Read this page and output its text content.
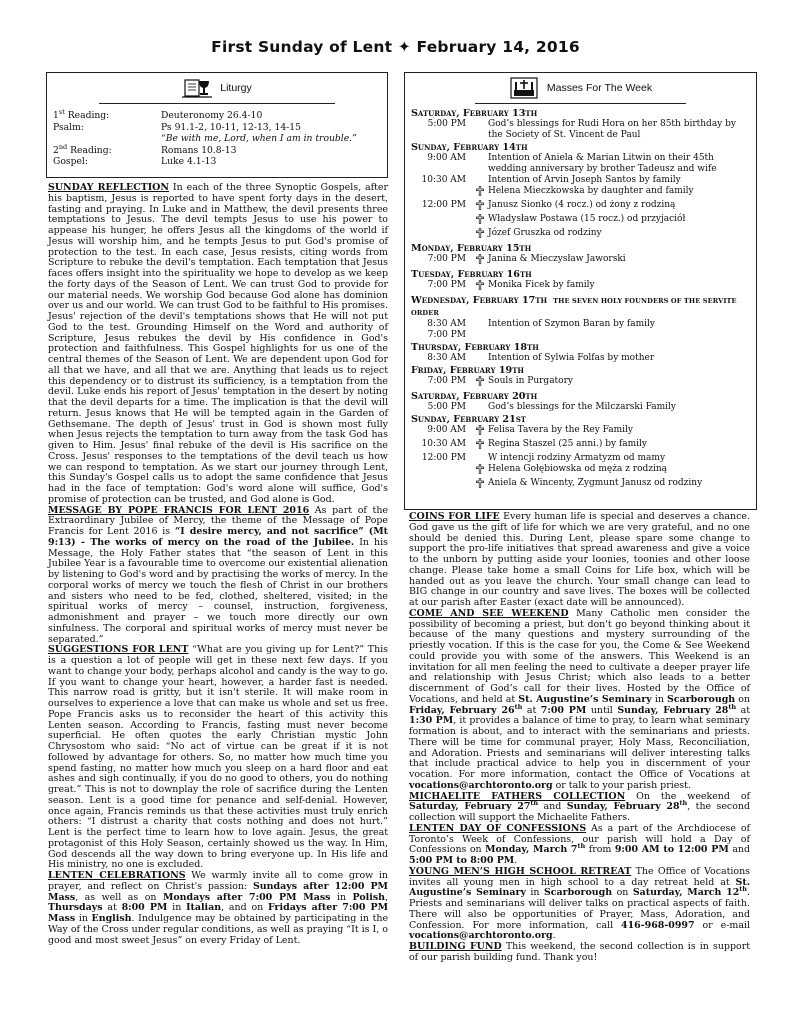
First Sunday of Lent ✦ February 14, 2016
Liturgy
1st Reading:	Deuteronomy 26.4-10
Psalm:	Ps 91.1-2, 10-11, 12-13, 14-15
“Be with me, Lord, when I am in trouble.”
2nd Reading:	Romans 10.8-13
Gospel:	Luke 4.1-13
Masses For The Week
Saturday, February 13th
5:00 PM	God’s blessings for Rudi Hora on her 85th birthday by the Society of St. Vincent de Paul
Sunday, February 14th
9:00 AM	Intention of Aniela & Marian Litwin on their 45th wedding anniversary by brother Tadeusz and wife
10:30 AM	Intention of Arvin Joseph Santos by family
Helena Mieczkowska by daughter and family
12:00 PM	Janusz Sionko (4 rocz.) od żony z rodziną
Władysław Postawa (15 rocz.) od przyjaciół
Józef Gruszka od rodziny
Monday, February 15th
7:00 PM	Janina & Mieczysław Jaworski
Tuesday, February 16th
7:00 PM	Monika Ficek by family
Wednesday, February 17th THE SEVEN HOLY FOUNDERS OF THE SERVITE ORDER
8:30 AM	Intention of Szymon Baran by family
7:00 PM
Thursday, February 18th
8:30 AM	Intention of Sylwia Folfas by mother
Friday, February 19th
7:00 PM	Souls in Purgatory
Saturday, February 20th
5:00 PM	God’s blessings for the Milczarski Family
Sunday, February 21st
9:00 AM	Felisa Tavera by the Rey Family
10:30 AM	Regina Staszel (25 anni.) by family
12:00 PM	W intencji rodziny Armatyzm od mamy
Helena Gołębiowska od męża z rodziną
Aniela & Wincenty, Zygmunt Janusz od rodziny

SUNDAY REFLECTION In each of the three Synoptic Gospels, after his baptism, Jesus is reported to have spent forty days in the desert, fasting and praying. In Luke and in Matthew, the devil presents three temptations to Jesus. The devil tempts Jesus to use his power to appease his hunger, he offers Jesus all the kingdoms of the world if Jesus will worship him, and he tempts Jesus to put God's promise of protection to the test. In each case, Jesus resists, citing words from Scripture to rebuke the devil's temptation. Each temptation that Jesus faces offers insight into the spirituality we hope to develop as we keep the forty days of the Season of Lent. We can trust God to provide for our material needs. We worship God because God alone has dominion over us and our world. We can trust God to be faithful to His promises. Jesus' rejection of the devil's temptations shows that He will not put God to the test. Grounding Himself on the Word and authority of Scripture, Jesus rebukes the devil by His confidence in God's protection and faithfulness. This Gospel highlights for us one of the central themes of the Season of Lent. We are dependent upon God for all that we have, and all that we are. Anything that leads us to reject this dependency or to distrust its sufficiency, is a temptation from the devil. Luke ends his report of Jesus' temptation in the desert by noting that the devil departs for a time. The implication is that the devil will return. Jesus knows that He will be tempted again in the Garden of Gethsemane. The depth of Jesus' trust in God is shown most fully when Jesus rejects the temptation to turn away from the task God has given to Him. Jesus' final rebuke of the devil is His sacrifice on the Cross. Jesus' responses to the temptations of the devil teach us how we can respond to temptation. As we start our journey through Lent, this Sunday's Gospel calls us to adopt the same confidence that Jesus had in the face of temptation: God's word alone will suffice, God's promise of protection can be trusted, and God alone is God.

MESSAGE BY POPE FRANCIS FOR LENT 2016 As part of the Extraordinary Jubilee of Mercy, the theme of the Message of Pope Francis for Lent 2016 is “I desire mercy, and not sacrifice” (Mt 9:13) - The works of mercy on the road of the Jubilee. In his Message, the Holy Father states that “the season of Lent in this Jubilee Year is a favourable time to overcome our existential alienation by listening to God's word and by practising the works of mercy. In the corporal works of mercy we touch the flesh of Christ in our brothers and sisters who need to be fed, clothed, sheltered, visited; in the spiritual works of mercy – counsel, instruction, forgiveness, admonishment and prayer – we touch more directly our own sinfulness. The corporal and spiritual works of mercy must never be separated.”

SUGGESTIONS FOR LENT “What are you giving up for Lent?” This is a question a lot of people will get in these next few days. If you want to change your body, perhaps alcohol and candy is the way to go. If you want to change your heart, however, a harder fast is needed. This narrow road is gritty, but it isn't sterile. It will make room in ourselves to experience a love that can make us whole and set us free. Pope Francis asks us to reconsider the heart of this activity this Lenten season. According to Francis, fasting must never become superficial. He often quotes the early Christian mystic John Chrysostom who said: “No act of virtue can be great if it is not followed by advantage for others. So, no matter how much time you spend fasting, no matter how much you sleep on a hard floor and eat ashes and sigh continually, if you do no good to others, you do nothing great.” This is not to downplay the role of sacrifice during the Lenten season. Lent is a good time for penance and self-denial. However, once again, Francis reminds us that these activities must truly enrich others: “I distrust a charity that costs nothing and does not hurt.” Lent is the perfect time to learn how to love again. Jesus, the great protagonist of this Holy Season, certainly showed us the way. In Him, God descends all the way down to bring everyone up. In His life and His ministry, no one is excluded.

LENTEN CELEBRATIONS We warmly invite all to come grow in prayer, and reflect on Christ's passion: Sundays after 12:00 PM Mass, as well as on Mondays after 7:00 PM Mass in Polish, Thursdays at 8:00 PM in Italian, and on Fridays after 7:00 PM Mass in English. Indulgence may be obtained by participating in the Way of the Cross under regular conditions, as well as praying “It is I, o good and most sweet Jesus” on every Friday of Lent.

COINS FOR LIFE Every human life is special and deserves a chance. God gave us the gift of life for which we are very grateful, and no one should be denied this. During Lent, please spare some change to support the pro-life initiatives that spread awareness and give a voice to the unborn by putting aside your loonies, toonies and other loose change. Please take home a small Coins for Life box, which will be handed out as you leave the church. Your small change can lead to BIG change in our country and save lives. The boxes will be collected at our parish after Easter (exact date will be announced).

COME AND SEE WEEKEND Many Catholic men consider the possibility of becoming a priest, but don't go beyond thinking about it because of the many questions and mystery surrounding of the priestly vocation. If this is the case for you, the Come & See Weekend could provide you with some of the answers. This Weekend is an invitation for all men feeling the need to cultivate a deeper prayer life and relationship with Jesus Christ; which also leads to a better discernment of God’s call for their lives. Hosted by the Office of Vocations, and held at St. Augustine’s Seminary in Scarborough on Friday, February 26th at 7:00 PM until Sunday, February 28th at 1:30 PM, it provides a balance of time to pray, to learn what seminary formation is about, and to interact with the seminarians and priests. There will be time for communal prayer, Holy Mass, Reconciliation, and Adoration. Priests and seminarians will deliver interesting talks that include practical advice to help you in discernment of your vocation. For more information, contact the Office of Vocations at vocations@archtoronto.org or talk to your parish priest.

MICHAELITE FATHERS COLLECTION On the weekend of Saturday, February 27th and Sunday, February 28th, the second collection will support the Michaelite Fathers.

LENTEN DAY OF CONFESSIONS As a part of the Archdiocese of Toronto’s Week of Confessions, our parish will hold a Day of Confessions on Monday, March 7th from 9:00 AM to 12:00 PM and 5:00 PM to 8:00 PM.

YOUNG MEN’S HIGH SCHOOL RETREAT The Office of Vocations invites all young men in high school to a day retreat held at St. Augustine’s Seminary in Scarborough on Saturday, March 12th. Priests and seminarians will deliver talks on practical aspects of faith. There will also be opportunities of Prayer, Mass, Adoration, and Confession. For more information, call 416-968-0997 or e-mail vocations@archtoronto.org.

BUILDING FUND This weekend, the second collection is in support of our parish building fund. Thank you!
